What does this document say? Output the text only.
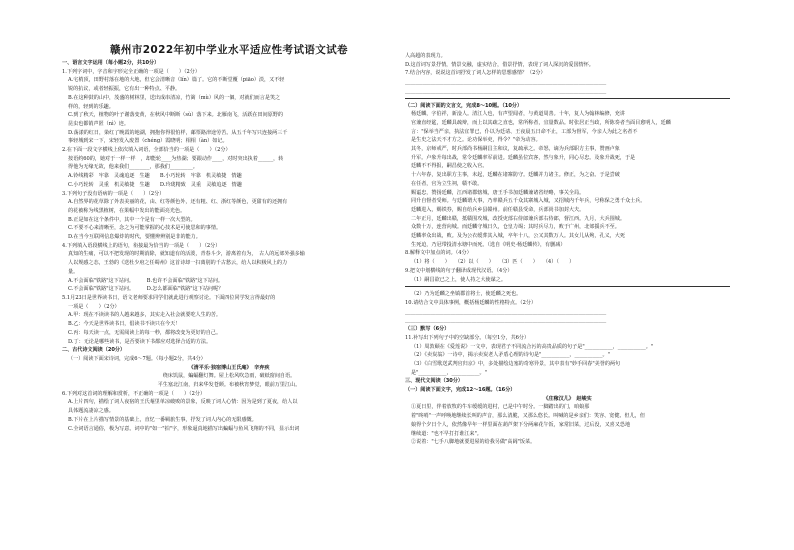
赣州市2022年初中学业水平适应性考试语文试卷
一、语言文字运用（每小题2分，共10分）
1.下列字词中，字音和字形完全正确的一项是（　　）（2分）
A.宅梢顶，田野村落在地的大地，但它会清晰音（lín）篇了。它的不断堂覆（piāo）淡，又不轻
锐的抗议，或者轻振振，它有出一种特点、平静。
B.在这种鼓的山中，茂盛的树林里，送出成串清凉，竹篱（mù）风的一個，对就们而言是笑之
样的，轻到的乐趣。
C.到了秋天，植物的叶子谢落变黄，在秋风中断断（sù）落下来。北雁南飞，活跃在田间原野的
昆虫也都销声匿（nì）迹。
D.荡漾的红日，染红了晚霞的地湖，拥抱你得很怕样，邮票路津途劳苦。从五千年写只连接两三千
事轻城到宋一下，宋轻发入废置（chéng）霞晓明；相相（àn）如记。
2.在下面一段文字横线上依次填入词语，全部恰当的一项是（　　）（2分）
按语约60的，她对于一样一样　，却能轮____为热湖；要跟动作____，对时突出执着______，转
得他为无缘无故，他来我们________，那我们_________。
A.铃线精彩　牢靠　灵魂追逐　生趣　　B.小巧轮转　牢靠　机灵敏捷　情趣
C.小巧轮转　灵重　机灵敏捷　生趣　　D.玲珑精致　灵重　灵敏追逐　情趣
3.下列句子没有语病的一项是（　　）（2分）
A.自然界的花草除了外表美丽的花，由、红等颜色外，还有粗、红、浙红等颜色，更甜有的还拥有
的花被称为线黑植树，在果幅中发出的能面亮光色。
B.正是如在这个条件中，其中一个是有一样一次大型的。
C.不要不心来清晰至，念之为可能掌握的心技术是可使思和的事情。
D.在当今互联网信息爆炸的时代，要懂辨辨别是非的能力。
4.下列填入语段横线上的语句，衔接最为恰当的一项是（　　）（2分）
真知的生痛，可以不把发现的时期消除，就知道有的活泼，青春斗少，游离着有为，　古人的远郊外强多输
人以规感之态，王勃的《送杜少府之任蜀州》这首诗却一扫离别的千古愁云，给人以积极风上的力
量。
A.不会面临"铁路"这下站问。　　　B.也许不会面临"铁路"这下站问。
C.不会面临"铁路"这下站问。　　　D.怎么都面临"铁路"这下站问呢？
5.1月23日是世界读书日，语文老师要求同学们就此进行观察讨论。下面四位同学发言得最好的
一项是（　　）（2分）
A.甲：现在不读读书的人越来越多，其实走入社会就要吃人生的苦。
B.乙：今天是世界读书日，倡读书不读只在今天！
C.丙：每天读一点，无需阅读上的每一秒，都将改变为更好的自己。
D.丁：无论是哪些读书，是否要读下书都应对选择合适的方法。
二、古代诗文阅读（20分）
（一）阅读下面宋诗词，完成6～7题。（每小题2分，共4分）
《清平乐·独宿博山王氏庵》　辛弃疾
绕床饥鼠，蝙蝠翻灯舞。屋上松风吹急雨，破纸窗间自语。
平生塞北江南，归来华发苍颜。布被秋宵梦觉，眼前万里江山。
6.下列对这首词的理解和赏析，不正确的一项是（　　）（2分）
A.上片四句，描绘了词人夜宿的王氏菴里单凉破败的景象，反映了词人心情：因为是到了夏夜，给人以
具体题流凄凉之感。
B.下片在上片描写情景的基础上，直忆一番羁旅生事，抒发了词人内心的无限感慨。
C.全词语言通俗，极为写意。词中的"如一"拍"字，形象逼真地描写出蝙蝠与鱼风飞翔的不同，显示出词
人高超的表现力。
D.这首词写景抒情，情景交融，虚实结合，借景抒情，表现了词人深沉的爱国情怀。
7.结合内容，说说这首词抒发了词人怎样的思想感情？（2分）
_______________________________________________________________________________
_______________________________________________________________________________
（二）阅读下面的文言文，完成8～10题。（10分）
杨廷麟，字伯祥，新淦人。清江人也，有声望闻者，与黄道周善。十年，复人为翰林编修，充讲
官兼直经筵，廷麟具疏辩，而上以其疏之直也，常所称者，宜量数品。时张居正当政，所陈奏者当面目愈明人，廷麟
言："保举当严亲，执法宜罪已，仆以为廷请、王夜晨五日命不止，工部为督军，今亲人为此之名者不
是生史之法天不才方之。论功保举吏，得令？"帝为动容。
其冬，京师戒严，时兵部尚书杨嗣昌主和议，复疏承之。帝怒，谪为兵部职方主事，赞画卢象
升军。卢象升每出战，常令廷麟率军前进。廷麟虽位宾客，然与象升，同心尽忠。及象升战死，于是
廷麟不不得报，嗣昌使之收入官。
十六年春，复出职方主事，未起，廷麟在诸寨防守。廷麟并力诸主。修正，为之奋。于是尝破
在任者，官为立生祠，赣不敢。
赐谥忠，赞扬廷麟，江西诸郡辖城，唐王手书加廷麟兼诸省经略，事关全局。
同升自督者受师。与廷麟谓大事，乃率赣兵五千众其寨城入城，又招城内千年兵，号称保之勇千众士兵。
廷麟进入，赐铁券，赐自给兵乡县赣州。前任赣县受命，兵部尚书加封大夫。
二年正月，廷麟出赣，抵赣围攻城，改授吏部右侍郎兼兵部右侍郎，督江西。九月，大兵围城。
众数十万，连营向城。而廷麟守城日久，仓皇力竭；其时兵尽力，败于广州，北郊援兵不至。
廷麟率众出战，败。及为公衣缓葬其入城，卒年十八，公又其数万人。其女儿从殉，孔义，大死
生死迫，乃冠带投清水塘中而死。（选自《明史·杨廷麟传》，有删减）
8.解释文中加点的词。（4分）
（1）将（　　）　　（2）以（　　）　　（3）匹（　　）　　（4）（　　）
9.把文中划横线的句子翻译成现代汉语。（4分）
（1）嗣昌欲已之上，使人持之大使谋之。
（2）乃为廷麟之坐镇郡首将士，使廷麟之死也。
10.请结合文中具体事例，概括杨廷麟的性格特点。（2分）
_______________________________________________________________________________
_______________________________________________________________________________
（三）默写（6分）
11.补写出下列句子中的空缺部分。（每空1分，共6分）
（1）周敦颐在《爱莲说》一文中，表现君子不同流合污的高贵品质的句子是"___________，___________。"
（2）《卖炭翁》一诗中，揭示卖炭老人矛盾心理的诗句是"___________，___________。"
（3）《白雪歌送武判官归京》中，多处描绘边塞的奇寒异景，其中表有"妙手回春"美誉的两句
是"___________，___________。"
三、现代文阅读（30分）
（一）阅读下面文字，完成12～16题。（16分）
《庄稼汉儿》　赵峻实
①夏日里，伴着放牧的牛车缓缓的进村，已是中午时分。一脚踏出的门，咱娘那
着"咚哨"一声呼唤地继续长叫的声音，那么清脆，又那么悠长。叫喊的是乡亲们：笑容、宽健、但儿，但
娘得个夕日个人，依然像早年一样里面在葫芦架下分两麻花午饭，家常旧菜，过后没，又喜又恐地
继续道："也不早打打谁江来"。
②说着："七手八脚地就要进屋的给我另做"高阔"饭菜。
